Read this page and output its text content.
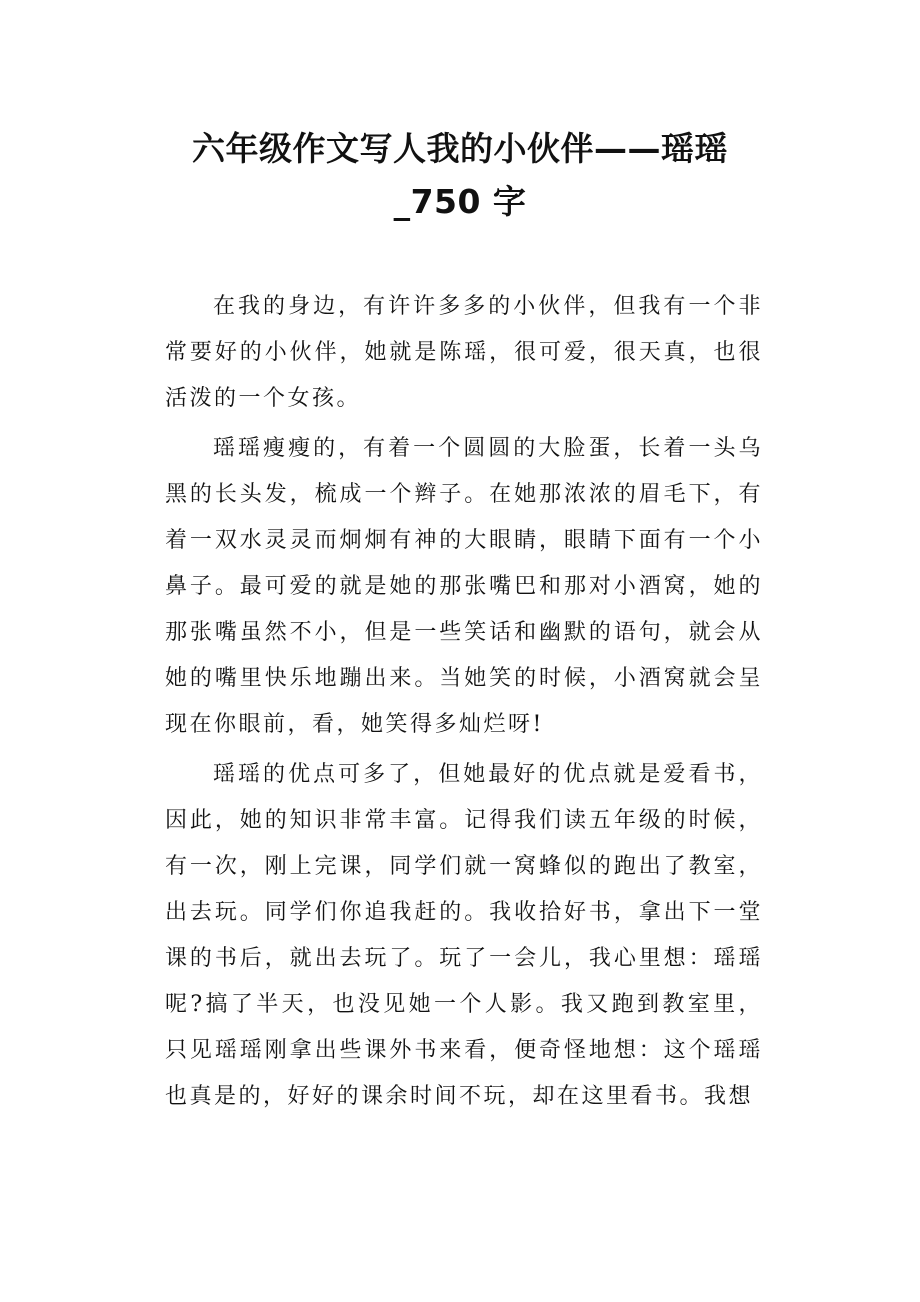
六年级作文写人我的小伙伴——瑶瑶
_750 字

在我的身边，有许许多多的小伙伴，但我有一个非常要好的小伙伴，她就是陈瑶，很可爱，很天真，也很活泼的一个女孩。

瑶瑶瘦瘦的，有着一个圆圆的大脸蛋，长着一头乌黑的长头发，梳成一个辫子。在她那浓浓的眉毛下，有着一双水灵灵而炯炯有神的大眼睛，眼睛下面有一个小鼻子。最可爱的就是她的那张嘴巴和那对小酒窝，她的那张嘴虽然不小，但是一些笑话和幽默的语句，就会从她的嘴里快乐地蹦出来。当她笑的时候，小酒窝就会呈现在你眼前，看，她笑得多灿烂呀!

瑶瑶的优点可多了，但她最好的优点就是爱看书，因此，她的知识非常丰富。记得我们读五年级的时候，有一次，刚上完课，同学们就一窝蜂似的跑出了教室，出去玩。同学们你追我赶的。我收拾好书，拿出下一堂课的书后，就出去玩了。玩了一会儿，我心里想：瑶瑶呢?搞了半天，也没见她一个人影。我又跑到教室里，只见瑶瑶刚拿出些课外书来看，便奇怪地想：这个瑶瑶也真是的，好好的课余时间不玩，却在这里看书。我想
